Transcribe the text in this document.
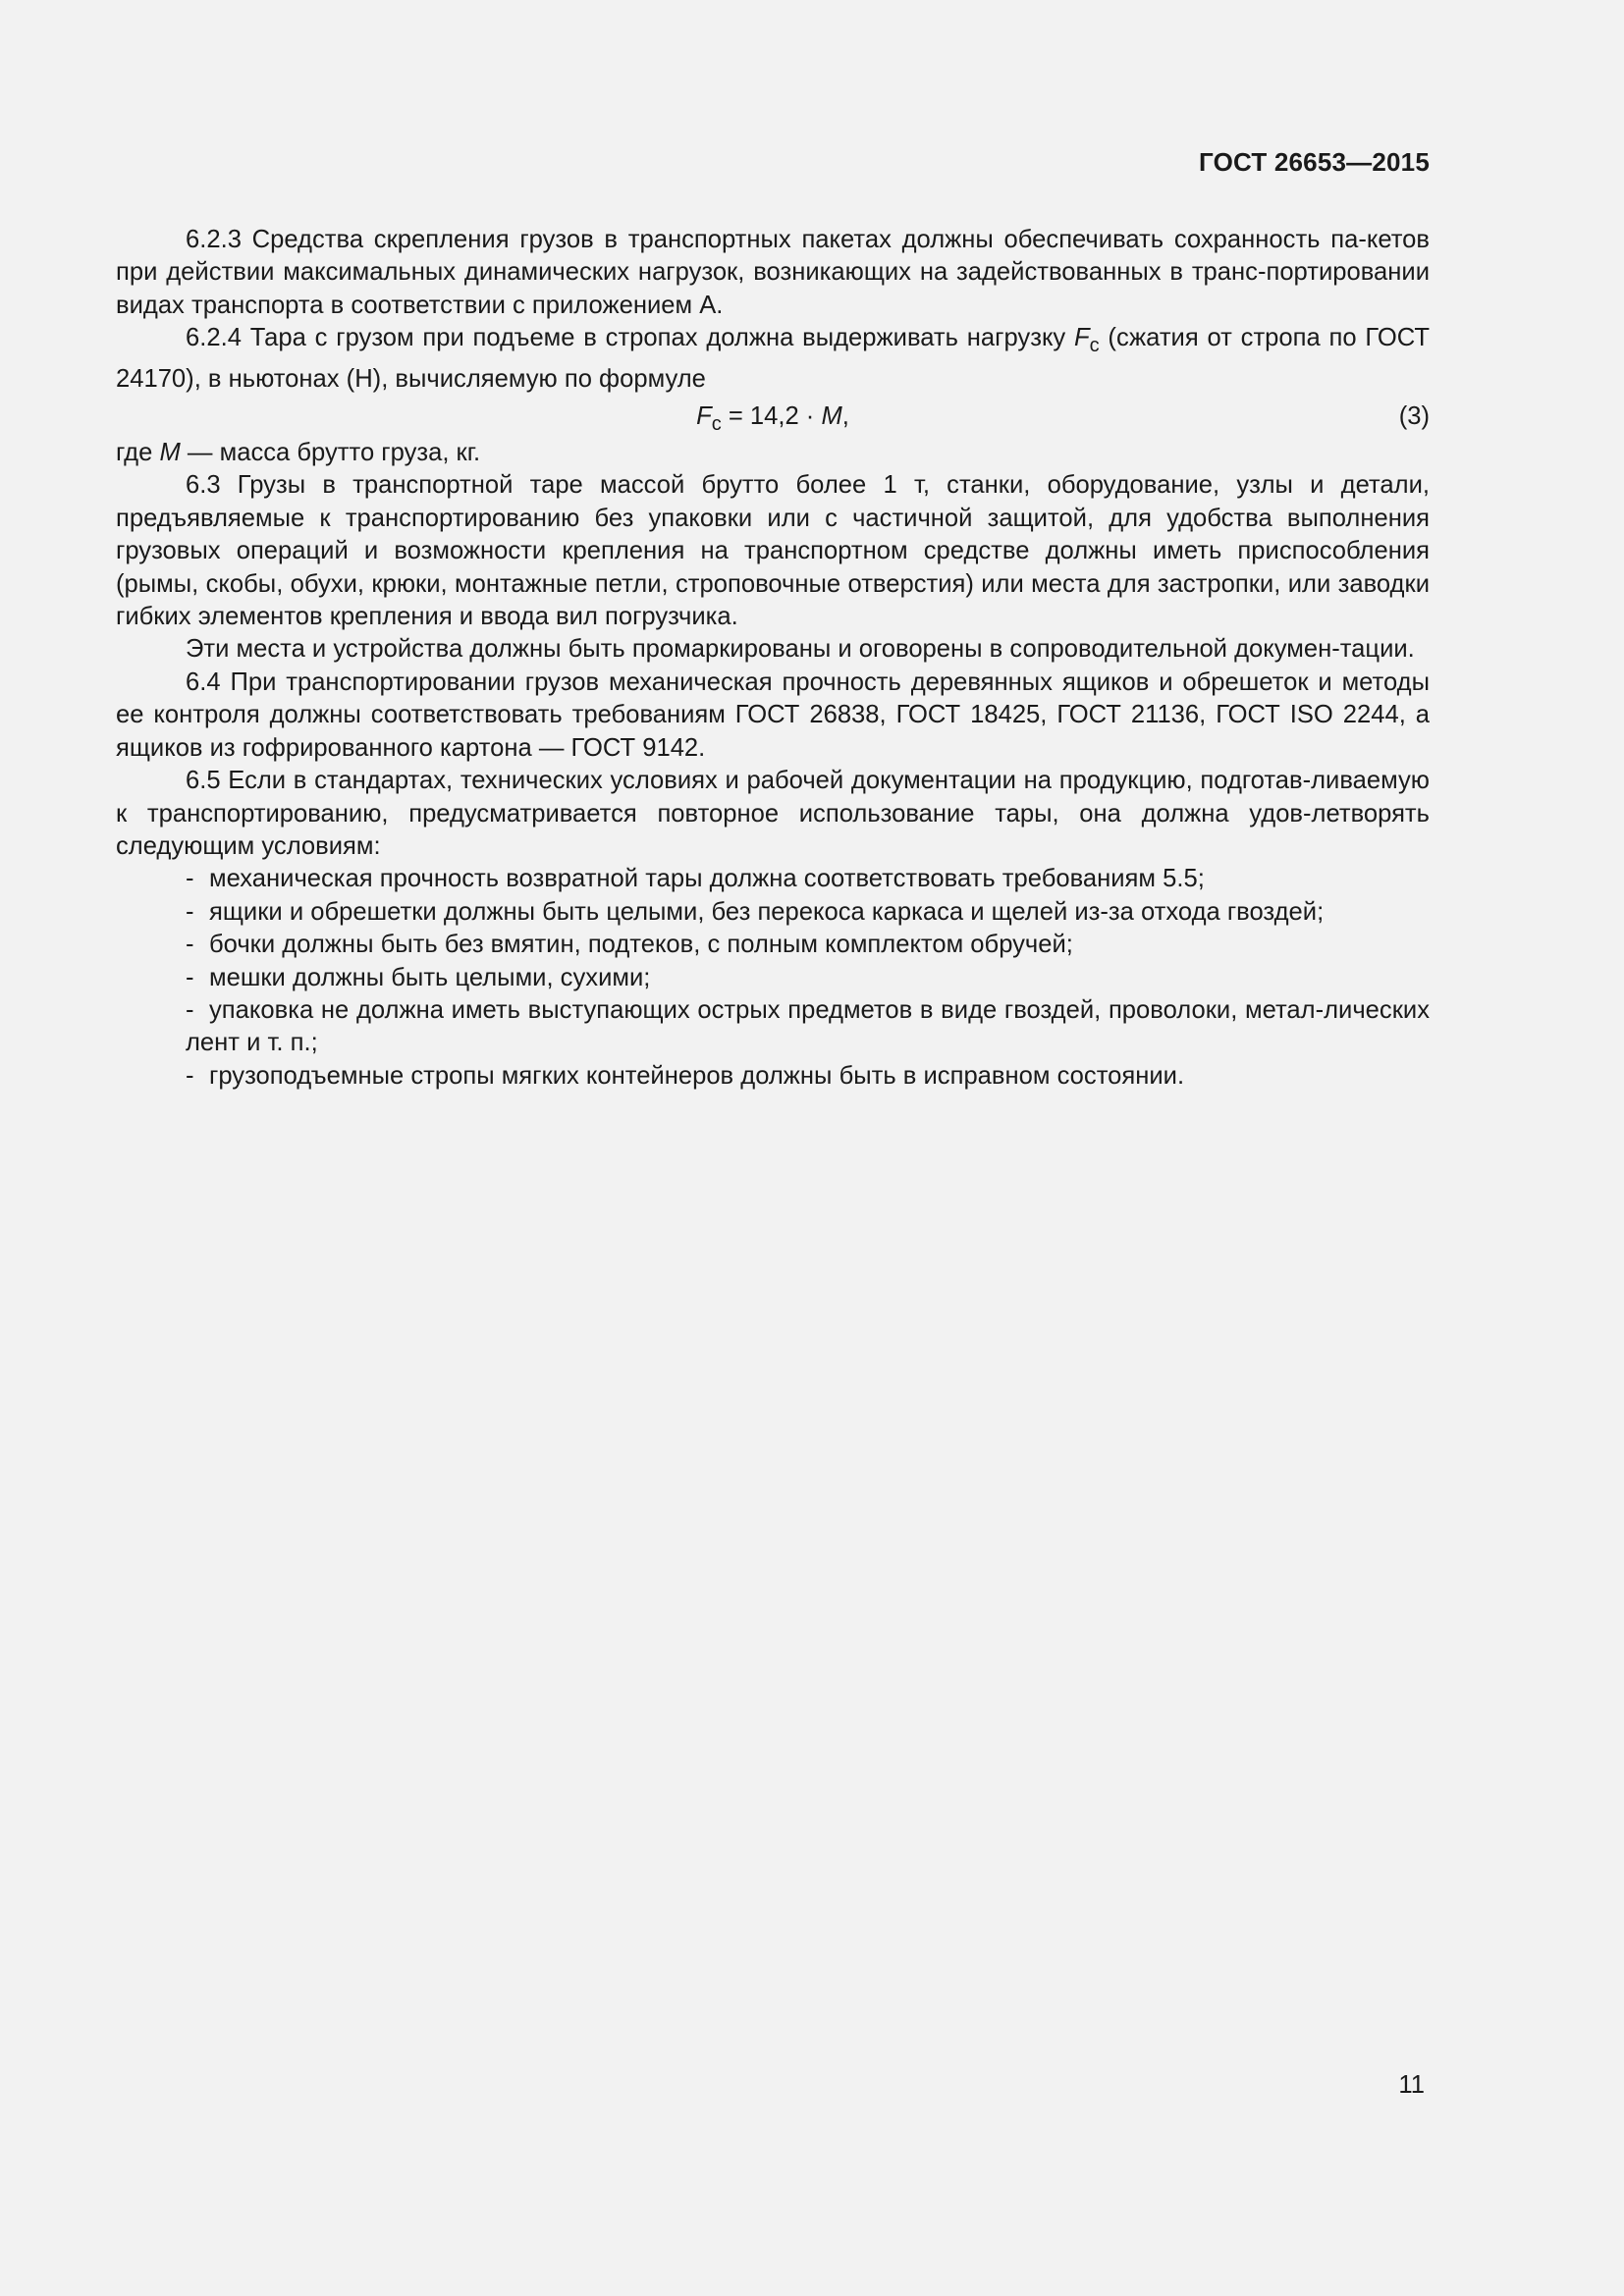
ГОСТ 26653—2015

6.2.3 Средства скрепления грузов в транспортных пакетах должны обеспечивать сохранность па-кетов при действии максимальных динамических нагрузок, возникающих на задействованных в транс-портировании видах транспорта в соответствии с приложением А.

6.2.4 Тара с грузом при подъеме в стропах должна выдерживать нагрузку $F_с$ (сжатия от стропа по ГОСТ 24170), в ньютонах (Н), вычисляемую по формуле

$F_с = 14,2 \cdot M$,	(3)

где M — масса брутто груза, кг.

6.3 Грузы в транспортной таре массой брутто более 1 т, станки, оборудование, узлы и детали, предъявляемые к транспортированию без упаковки или с частичной защитой, для удобства выполнения грузовых операций и возможности крепления на транспортном средстве должны иметь приспособления (рымы, скобы, обухи, крюки, монтажные петли, строповочные отверстия) или места для застропки, или заводки гибких элементов крепления и ввода вил погрузчика.

Эти места и устройства должны быть промаркированы и оговорены в сопроводительной докумен-тации.

6.4 При транспортировании грузов механическая прочность деревянных ящиков и обрешеток и методы ее контроля должны соответствовать требованиям ГОСТ 26838, ГОСТ 18425, ГОСТ 21136, ГОСТ ISO 2244, а ящиков из гофрированного картона — ГОСТ 9142.

6.5 Если в стандартах, технических условиях и рабочей документации на продукцию, подготав-ливаемую к транспортированию, предусматривается повторное использование тары, она должна удов-летворять следующим условиям:

- механическая прочность возвратной тары должна соответствовать требованиям 5.5;

- ящики и обрешетки должны быть целыми, без перекоса каркаса и щелей из-за отхода гвоздей;

- бочки должны быть без вмятин, подтеков, с полным комплектом обручей;

- мешки должны быть целыми, сухими;

- упаковка не должна иметь выступающих острых предметов в виде гвоздей, проволоки, метал-лических лент и т. п.;

- грузоподъемные стропы мягких контейнеров должны быть в исправном состоянии.

11
